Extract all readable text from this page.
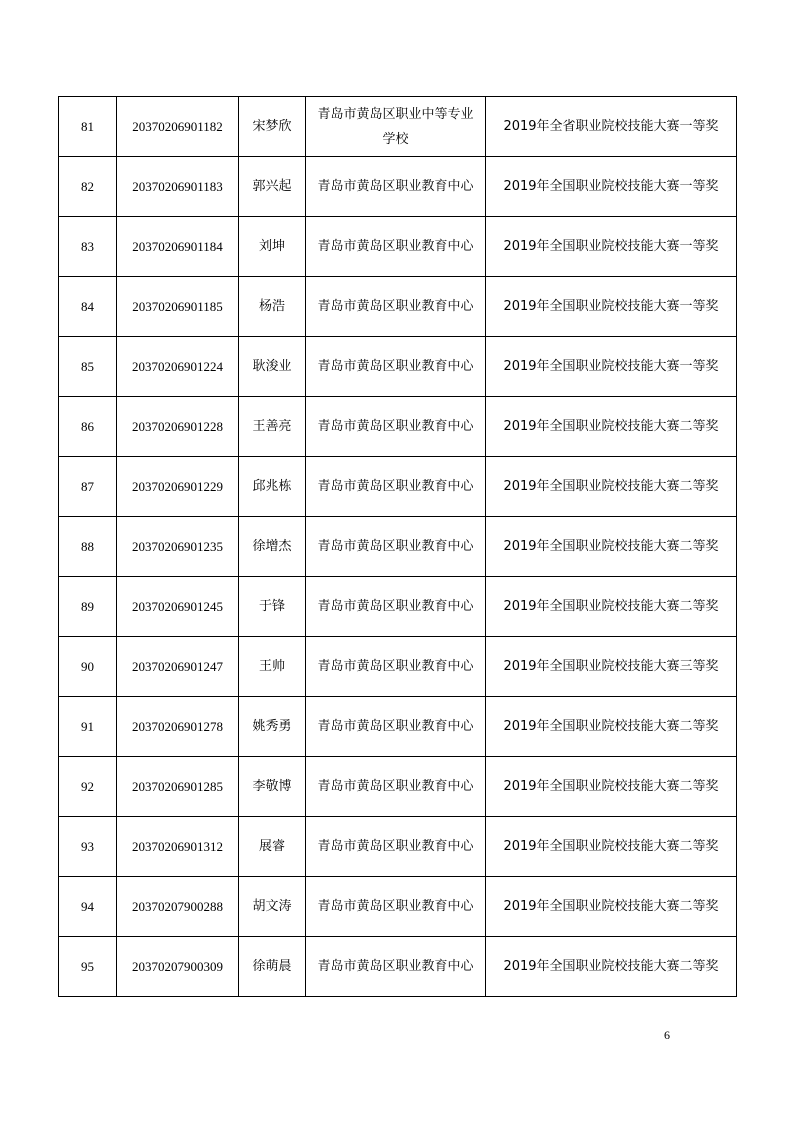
81	20370206901182	宋梦欣	青岛市黄岛区职业中等专业学校	2019年全省职业院校技能大赛一等奖
82	20370206901183	郭兴起	青岛市黄岛区职业教育中心	2019年全国职业院校技能大赛一等奖
83	20370206901184	刘坤	青岛市黄岛区职业教育中心	2019年全国职业院校技能大赛一等奖
84	20370206901185	杨浩	青岛市黄岛区职业教育中心	2019年全国职业院校技能大赛一等奖
85	20370206901224	耿浚业	青岛市黄岛区职业教育中心	2019年全国职业院校技能大赛一等奖
86	20370206901228	王善亮	青岛市黄岛区职业教育中心	2019年全国职业院校技能大赛二等奖
87	20370206901229	邱兆栋	青岛市黄岛区职业教育中心	2019年全国职业院校技能大赛二等奖
88	20370206901235	徐增杰	青岛市黄岛区职业教育中心	2019年全国职业院校技能大赛二等奖
89	20370206901245	于锋	青岛市黄岛区职业教育中心	2019年全国职业院校技能大赛二等奖
90	20370206901247	王帅	青岛市黄岛区职业教育中心	2019年全国职业院校技能大赛三等奖
91	20370206901278	姚秀勇	青岛市黄岛区职业教育中心	2019年全国职业院校技能大赛二等奖
92	20370206901285	李敬博	青岛市黄岛区职业教育中心	2019年全国职业院校技能大赛二等奖
93	20370206901312	展睿	青岛市黄岛区职业教育中心	2019年全国职业院校技能大赛二等奖
94	20370207900288	胡文涛	青岛市黄岛区职业教育中心	2019年全国职业院校技能大赛二等奖
95	20370207900309	徐萌晨	青岛市黄岛区职业教育中心	2019年全国职业院校技能大赛二等奖
6
